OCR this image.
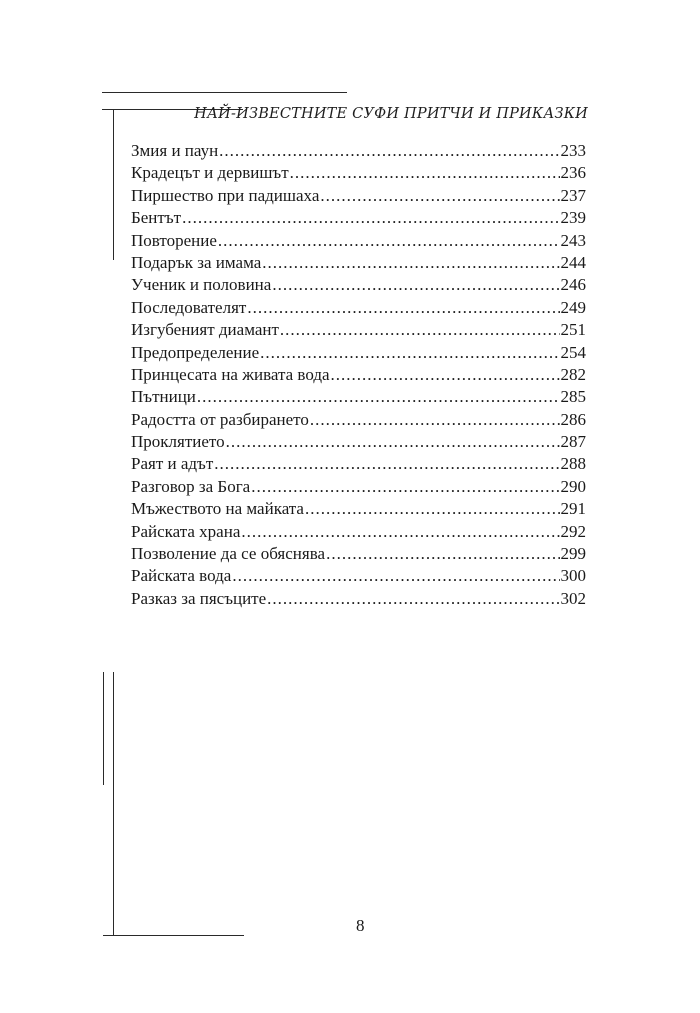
НАЙ-ИЗВЕСТНИТЕ СУФИ ПРИТЧИ И ПРИКАЗКИ
Змия и паун .....	233
Крадецът и дервишът .....	236
Пиршество при падишаха .....	237
Бентът .....	239
Повторение .....	243
Подарък за имама .....	244
Ученик и половина .....	246
Последователят .....	249
Изгубеният диамант .....	251
Предопределение .....	254
Принцесата на живата вода .....	282
Пътници .....	285
Радостта от разбирането .....	286
Проклятието .....	287
Раят и адът .....	288
Разговор за Бога .....	290
Мъжеството на майката .....	291
Райската храна .....	292
Позволение да се обяснява .....	299
Райската вода .....	300
Разказ за пясъците .....	302
8
